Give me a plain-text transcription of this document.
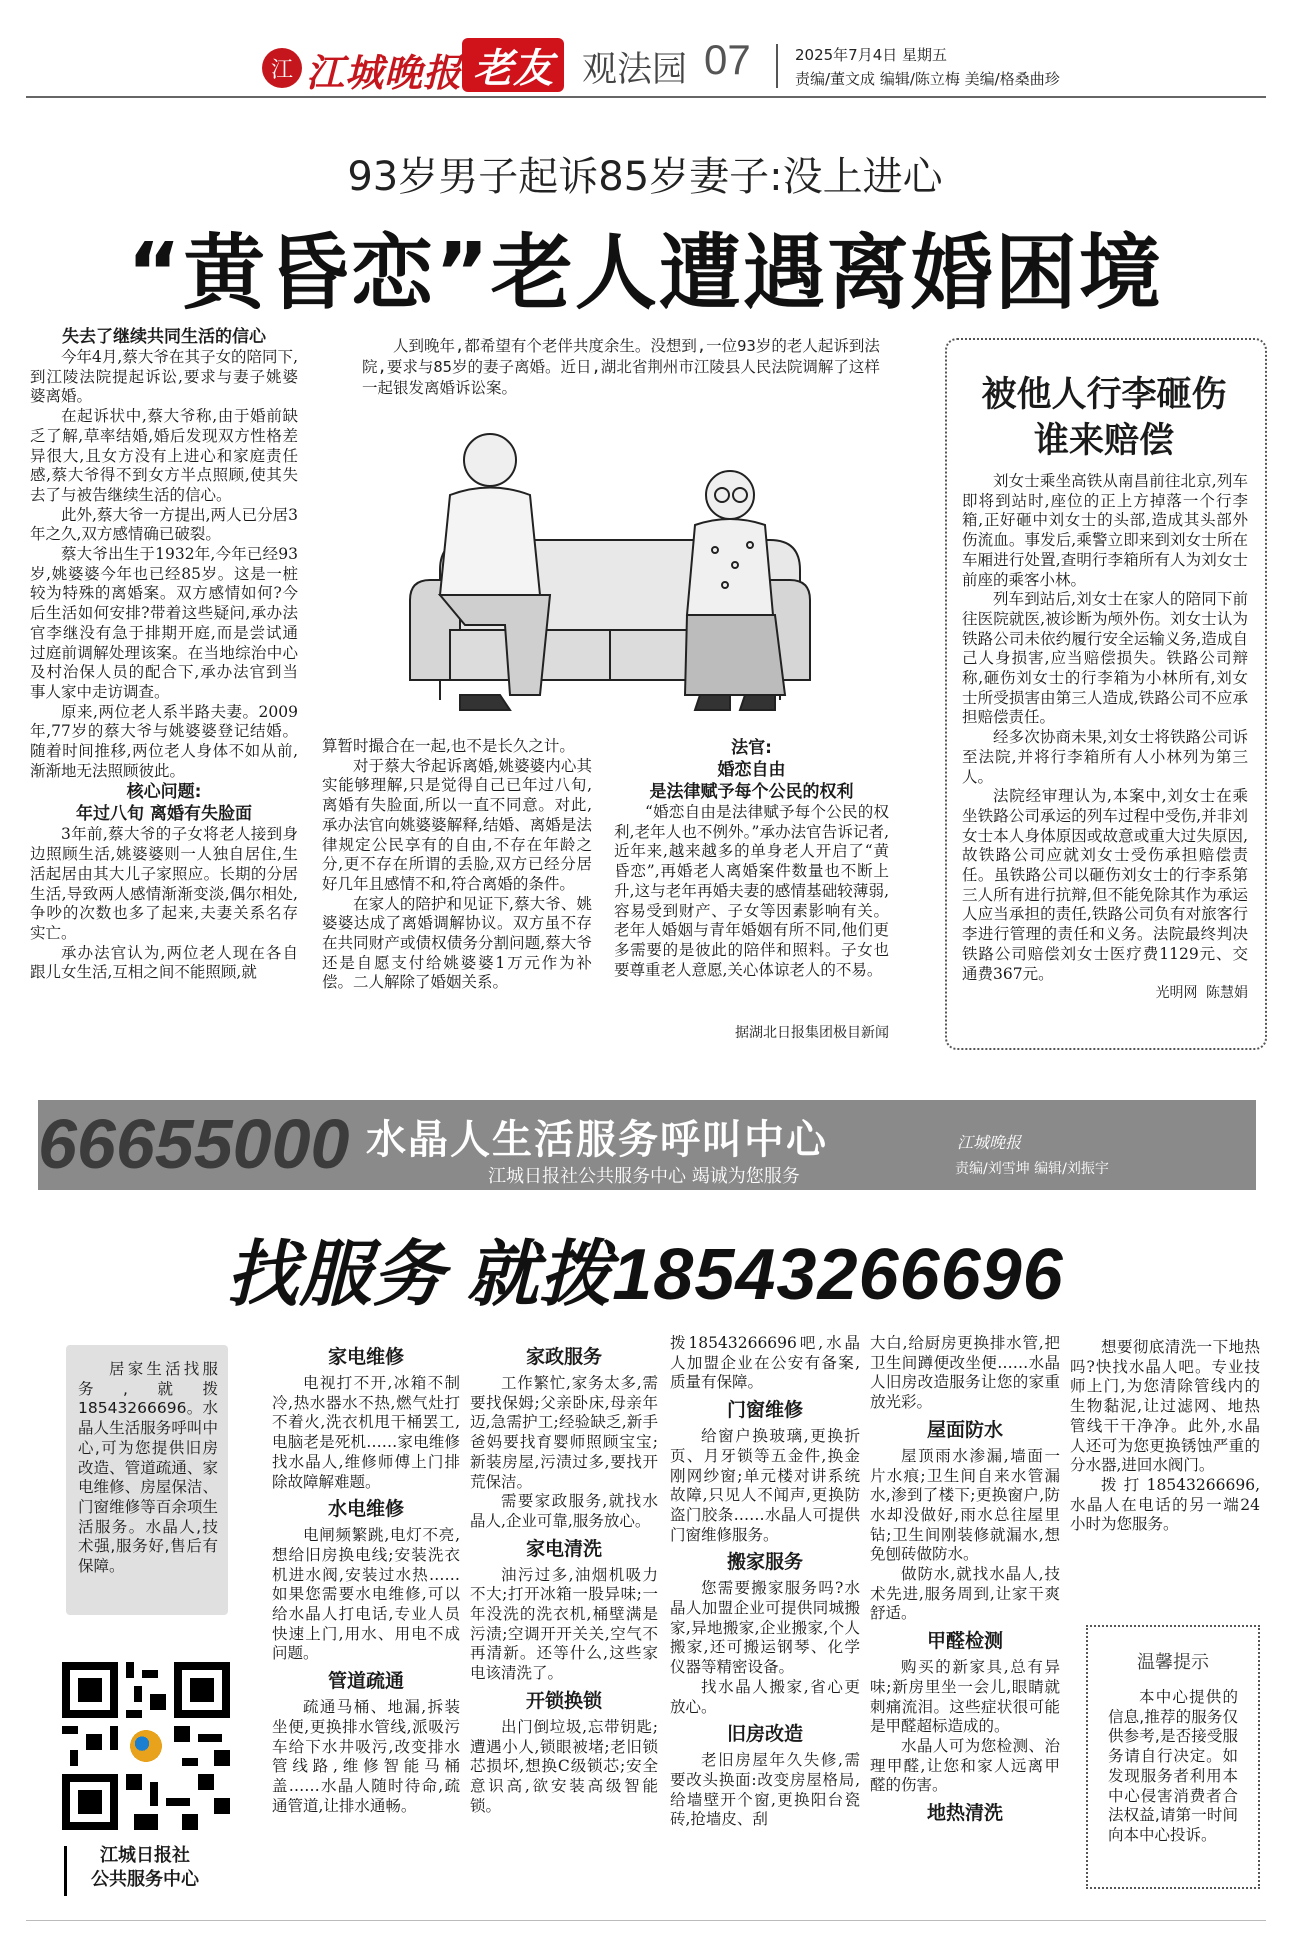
江 江城晚报 老友 观法园 07	2025年7月4日 星期五
责编/董文成 编辑/陈立梅 美编/格桑曲珍
93岁男子起诉85岁妻子:没上进心
“黄昏恋”老人遭遇离婚困境

失去了继续共同生活的信心

今年4月,蔡大爷在其子女的陪同下,到江陵法院提起诉讼,要求与妻子姚婆婆离婚。

在起诉状中,蔡大爷称,由于婚前缺乏了解,草率结婚,婚后发现双方性格差异很大,且女方没有上进心和家庭责任感,蔡大爷得不到女方半点照顾,使其失去了与被告继续生活的信心。

此外,蔡大爷一方提出,两人已分居3年之久,双方感情确已破裂。

蔡大爷出生于1932年,今年已经93岁,姚婆婆今年也已经85岁。这是一桩较为特殊的离婚案。双方感情如何?今后生活如何安排?带着这些疑问,承办法官李继没有急于排期开庭,而是尝试通过庭前调解处理该案。在当地综治中心及村治保人员的配合下,承办法官到当事人家中走访调查。

原来,两位老人系半路夫妻。2009年,77岁的蔡大爷与姚婆婆登记结婚。随着时间推移,两位老人身体不如从前,渐渐地无法照顾彼此。

核心问题:

年过八旬 离婚有失脸面

3年前,蔡大爷的子女将老人接到身边照顾生活,姚婆婆则一人独自居住,生活起居由其大儿子家照应。长期的分居生活,导致两人感情渐渐变淡,偶尔相处,争吵的次数也多了起来,夫妻关系名存实亡。

承办法官认为,两位老人现在各自跟儿女生活,互相之间不能照顾,就

人到晚年,都希望有个老伴共度余生。没想到,一位93岁的老人起诉到法院,要求与85岁的妻子离婚。近日,湖北省荆州市江陵县人民法院调解了这样一起银发离婚诉讼案。

算暂时撮合在一起,也不是长久之计。

对于蔡大爷起诉离婚,姚婆婆内心其实能够理解,只是觉得自己已年过八旬,离婚有失脸面,所以一直不同意。对此,承办法官向姚婆婆解释,结婚、离婚是法律规定公民享有的自由,不存在年龄之分,更不存在所谓的丢脸,双方已经分居好几年且感情不和,符合离婚的条件。

在家人的陪护和见证下,蔡大爷、姚婆婆达成了离婚调解协议。双方虽不存在共同财产或债权债务分割问题,蔡大爷还是自愿支付给姚婆婆1万元作为补偿。二人解除了婚姻关系。

法官:

婚恋自由

是法律赋予每个公民的权利

“婚恋自由是法律赋予每个公民的权利,老年人也不例外。”承办法官告诉记者,近年来,越来越多的单身老人开启了“黄昏恋”,再婚老人离婚案件数量也不断上升,这与老年再婚夫妻的感情基础较薄弱,容易受到财产、子女等因素影响有关。老年人婚姻与青年婚姻有所不同,他们更多需要的是彼此的陪伴和照料。子女也要尊重老人意愿,关心体谅老人的不易。

据湖北日报集团极目新闻
被他人行李砸伤
谁来赔偿

刘女士乘坐高铁从南昌前往北京,列车即将到站时,座位的正上方掉落一个行李箱,正好砸中刘女士的头部,造成其头部外伤流血。事发后,乘警立即来到刘女士所在车厢进行处置,查明行李箱所有人为刘女士前座的乘客小林。

列车到站后,刘女士在家人的陪同下前往医院就医,被诊断为颅外伤。刘女士认为铁路公司未依约履行安全运输义务,造成自己人身损害,应当赔偿损失。铁路公司辩称,砸伤刘女士的行李箱为小林所有,刘女士所受损害由第三人造成,铁路公司不应承担赔偿责任。

经多次协商未果,刘女士将铁路公司诉至法院,并将行李箱所有人小林列为第三人。

法院经审理认为,本案中,刘女士在乘坐铁路公司承运的列车过程中受伤,并非刘女士本人身体原因或故意或重大过失原因,故铁路公司应就刘女士受伤承担赔偿责任。虽铁路公司以砸伤刘女士的行李系第三人所有进行抗辩,但不能免除其作为承运人应当承担的责任,铁路公司负有对旅客行李进行管理的责任和义务。法院最终判决铁路公司赔偿刘女士医疗费1129元、交通费367元。

光明网 陈慧娟

66655000 水晶人生活服务呼叫中心
江城日报社公共服务中心 竭诚为您服务
江城晚报
责编/刘雪坤 编辑/刘振宇
找服务 就拨18543266696
居家生活找服务,就拨18543266696。水晶人生活服务呼叫中心,可为您提供旧房改造、管道疏通、家电维修、房屋保洁、门窗维修等百余项生活服务。水晶人,技术强,服务好,售后有保障。
江城日报社
公共服务中心

家电维修

电视打不开,冰箱不制冷,热水器水不热,燃气灶打不着火,洗衣机甩干桶罢工,电脑老是死机……家电维修找水晶人,维修师傅上门排除故障解难题。

水电维修

电闸频繁跳,电灯不亮,想给旧房换电线;安装洗衣机进水阀,安装过水热……如果您需要水电维修,可以给水晶人打电话,专业人员快速上门,用水、用电不成问题。

管道疏通

疏通马桶、地漏,拆装坐便,更换排水管线,派吸污车给下水井吸污,改变排水管线路,维修智能马桶盖……水晶人随时待命,疏通管道,让排水通畅。

家政服务

工作繁忙,家务太多,需要找保姆;父亲卧床,母亲年迈,急需护工;经验缺乏,新手爸妈要找育婴师照顾宝宝;新装房屋,污渍过多,要找开荒保洁。

需要家政服务,就找水晶人,企业可靠,服务放心。

家电清洗

油污过多,油烟机吸力不大;打开冰箱一股异味;一年没洗的洗衣机,桶壁满是污渍;空调开开关关,空气不再清新。还等什么,这些家电该清洗了。

开锁换锁

出门倒垃圾,忘带钥匙;遭遇小人,锁眼被堵;老旧锁芯损坏,想换C级锁芯;安全意识高,欲安装高级智能锁。

拨18543266696吧,水晶人加盟企业在公安有备案,质量有保障。

门窗维修

给窗户换玻璃,更换折页、月牙锁等五金件,换金刚网纱窗;单元楼对讲系统故障,只见人不闻声,更换防盗门胶条……水晶人可提供门窗维修服务。

搬家服务

您需要搬家服务吗?水晶人加盟企业可提供同城搬家,异地搬家,企业搬家,个人搬家,还可搬运钢琴、化学仪器等精密设备。

找水晶人搬家,省心更放心。

旧房改造

老旧房屋年久失修,需要改头换面:改变房屋格局,给墙壁开个窗,更换阳台瓷砖,抢墙皮、刮

大白,给厨房更换排水管,把卫生间蹲便改坐便……水晶人旧房改造服务让您的家重放光彩。

屋面防水

屋顶雨水渗漏,墙面一片水痕;卫生间自来水管漏水,渗到了楼下;更换窗户,防水却没做好,雨水总往屋里钻;卫生间刚装修就漏水,想免刨砖做防水。

做防水,就找水晶人,技术先进,服务周到,让家干爽舒适。

甲醛检测

购买的新家具,总有异味;新房里坐一会儿,眼睛就刺痛流泪。这些症状很可能是甲醛超标造成的。

水晶人可为您检测、治理甲醛,让您和家人远离甲醛的伤害。

地热清洗

想要彻底清洗一下地热吗?快找水晶人吧。专业技师上门,为您清除管线内的生物黏泥,让过滤网、地热管线干干净净。此外,水晶人还可为您更换锈蚀严重的分水器,进回水阀门。

拨打18543266696,水晶人在电话的另一端24小时为您服务。

温馨提示
本中心提供的信息,推荐的服务仅供参考,是否接受服务请自行决定。如发现服务者利用本中心侵害消费者合法权益,请第一时间向本中心投诉。
